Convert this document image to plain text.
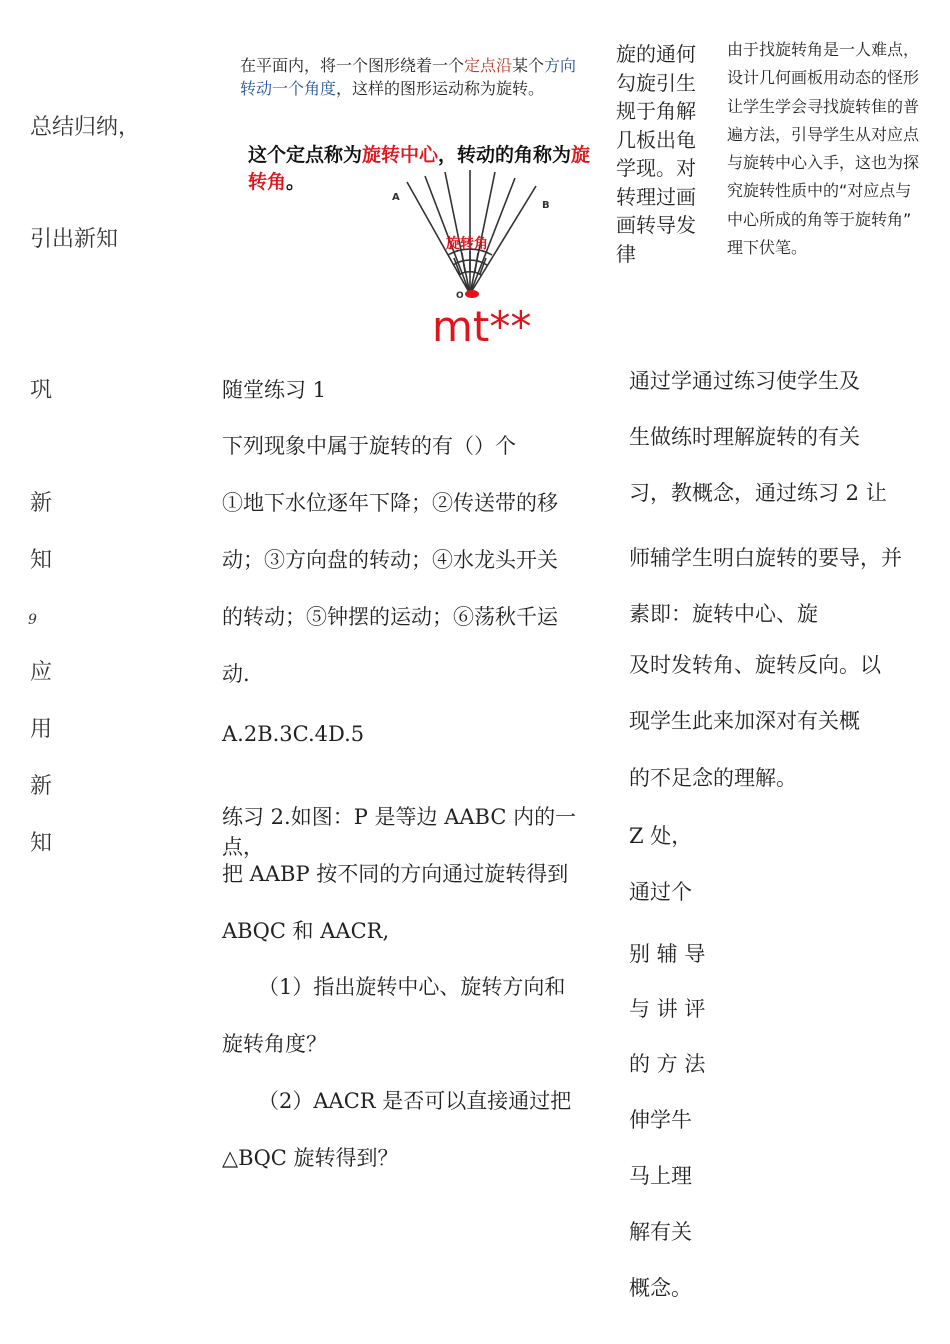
总结归纳，
引出新知
巩
新
知
9
应
用
新
知
在平面内，将一个图形绕着一个定点沿某个方向转动一个角度，这样的图形运动称为旋转。
这个定点称为旋转中心，转动的角称为旋转角。
A
B
O
旋转角
mt**
旋的通何
勾旋引生
规于角解
几板出龟
学现。对
转理过画
画转导发
律
由于找旋转角是一人难点，
设计几何画板用动态的怪形
让学生学会寻找旋转隹的普
遍方法，引导学生从对应点
与旋转中心入手，这也为探
究旋转性质中的“对应点与
中心所成的角等于旋转角”
理下伏笔。
随堂练习 1
下列现象中属于旋转的有（）个
①地下水位逐年下降；②传送带的移
动；③方向盘的转动；④水龙头开关
的转动；⑤钟摆的运动；⑥荡秋千运
动.
A.2B.3C.4D.5
练习 2.如图：P 是等边 AABC 内的一点，
把 AABP 按不同的方向通过旋转得到
ABQC 和 AACR,
（1）指出旋转中心、旋转方向和
旋转角度？
（2）AACR 是否可以直接通过把
△BQC 旋转得到？
通过学通过练习使学生及
生做练时理解旋转的有关
习，教概念，通过练习 2 让
师辅学生明白旋转的要导，并
素即：旋转中心、旋
及时发转角、旋转反向。以
现学生此来加深对有关概
的不足念的理解。
Z 处，
通过个
别 辅 导
与 讲 评
的 方 法
伸学牛
马上理
解有关
概念。
